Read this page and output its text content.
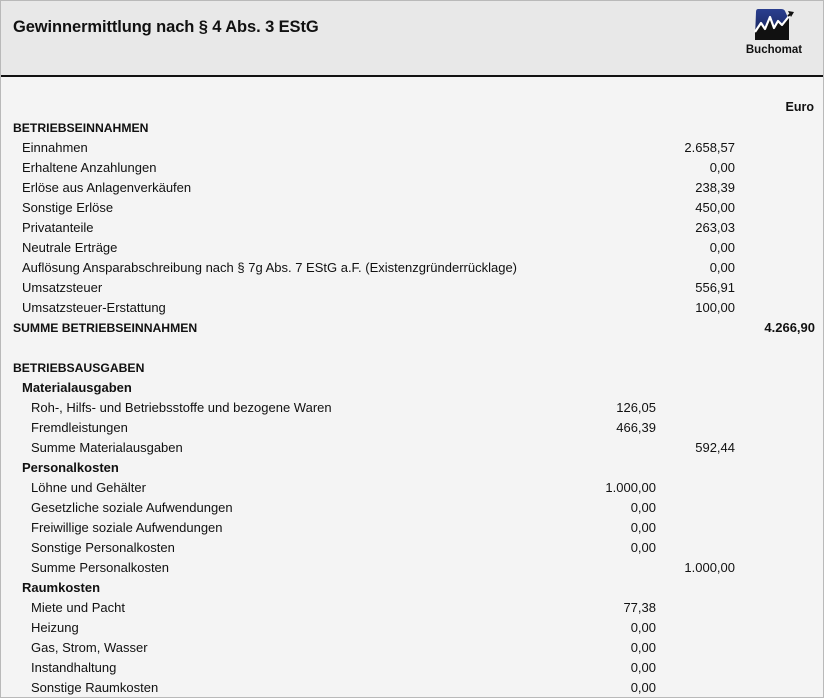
Gewinnermittlung nach § 4 Abs. 3 EStG
Buchomat
Euro
BETRIEBSEINNAHMEN
Einnahmen	2.658,57
Erhaltene Anzahlungen	0,00
Erlöse aus Anlagenverkäufen	238,39
Sonstige Erlöse	450,00
Privatanteile	263,03
Neutrale Erträge	0,00
Auflösung Ansparabschreibung nach § 7g Abs. 7 EStG a.F. (Existenzgründerrücklage)	0,00
Umsatzsteuer	556,91
Umsatzsteuer-Erstattung	100,00
SUMME BETRIEBSEINNAHMEN	4.266,90
BETRIEBSAUSGABEN
Materialausgaben
Roh-, Hilfs- und Betriebsstoffe und bezogene Waren	126,05
Fremdleistungen	466,39
Summe Materialausgaben	592,44
Personalkosten
Löhne und Gehälter	1.000,00
Gesetzliche soziale Aufwendungen	0,00
Freiwillige soziale Aufwendungen	0,00
Sonstige Personalkosten	0,00
Summe Personalkosten	1.000,00
Raumkosten
Miete und Pacht	77,38
Heizung	0,00
Gas, Strom, Wasser	0,00
Instandhaltung	0,00
Sonstige Raumkosten	0,00
